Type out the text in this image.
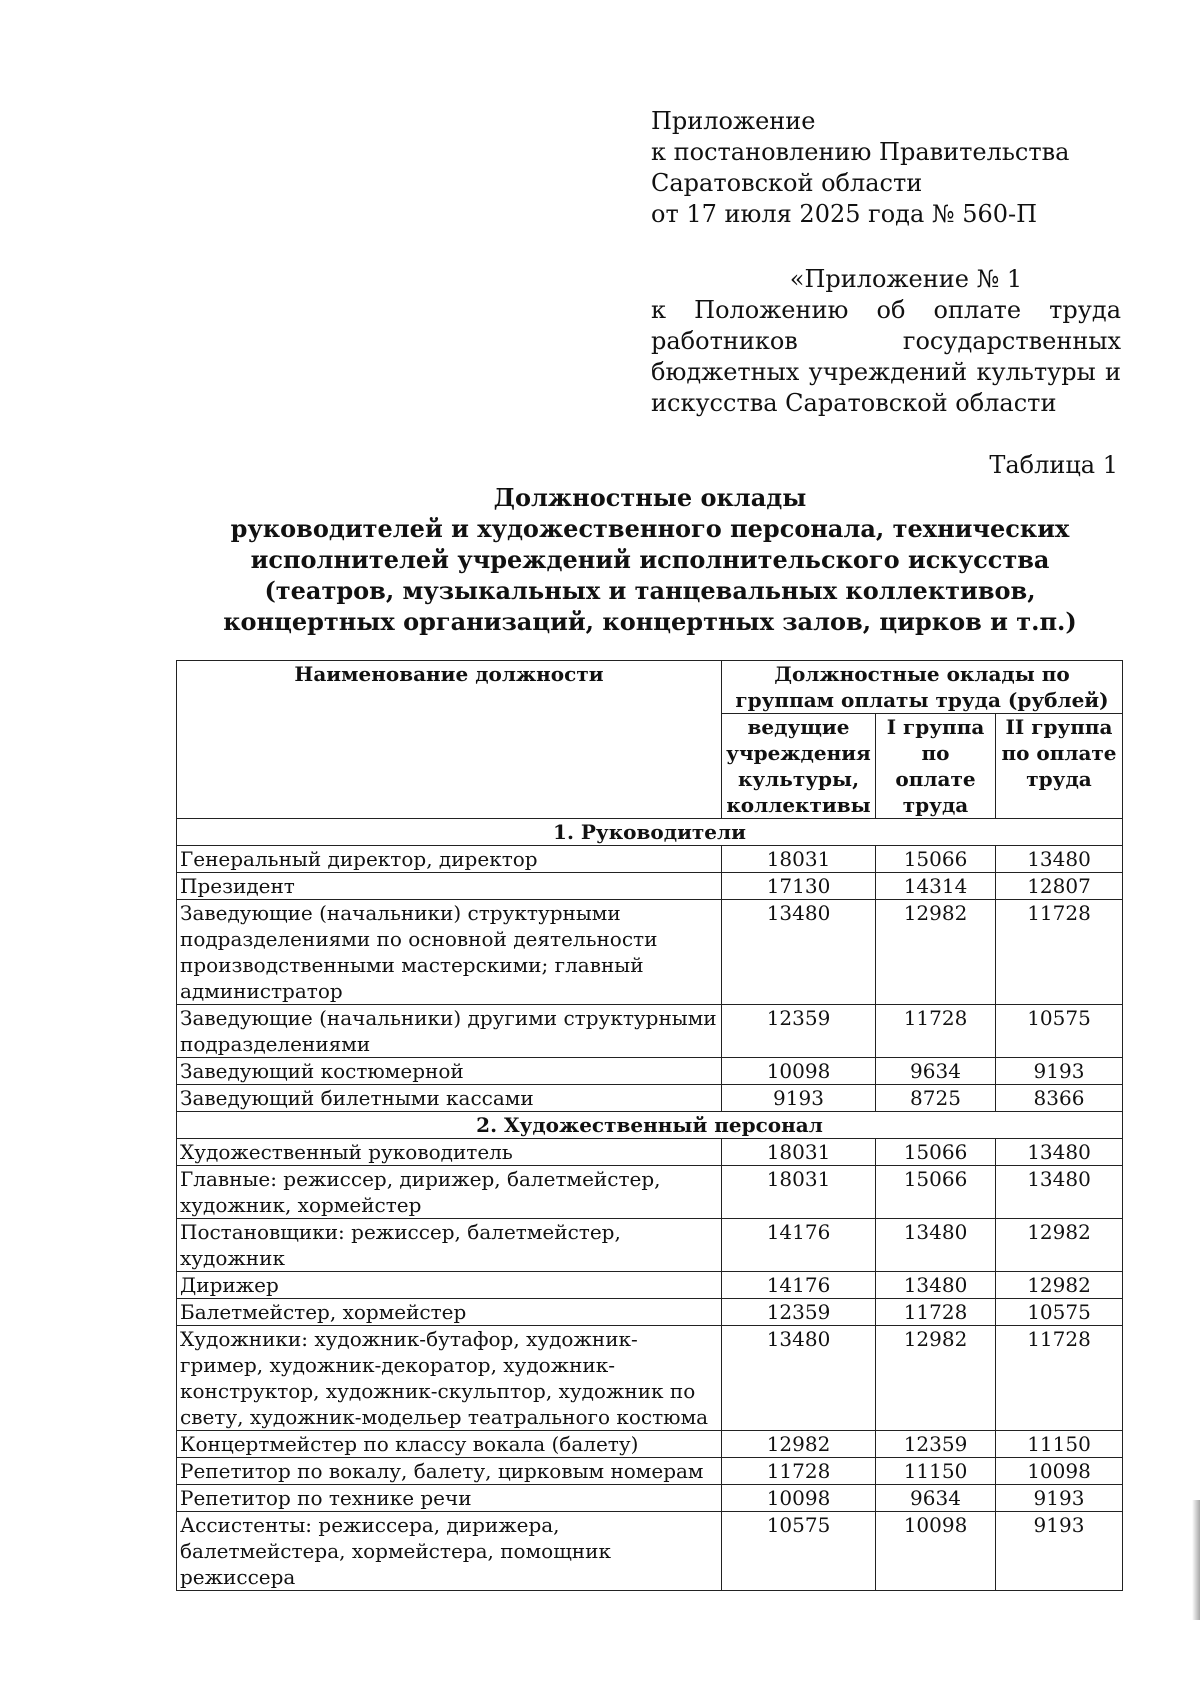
Приложение
к постановлению Правительства
Саратовской области
от 17 июля 2025 года № 560-П
«Приложение № 1
к Положению об оплате труда работников государственных бюджетных учреждений культуры и искусства Саратовской области
Таблица 1
Должностные оклады
руководителей и художественного персонала, технических
исполнителей учреждений исполнительского искусства
(театров, музыкальных и танцевальных коллективов,
концертных организаций, концертных залов, цирков и т.п.)
Наименование должности	Должностные оклады по группам оплаты труда (рублей)		
	ведущие учреждения культуры, коллективы	I группа по оплате труда	II группа по оплате труда
1. Руководители			
Генеральный директор, директор	18031	15066	13480
Президент	17130	14314	12807
Заведующие (начальники) структурными подразделениями по основной деятельности производственными мастерскими; главный администратор	13480	12982	11728
Заведующие (начальники) другими структурными подразделениями	12359	11728	10575
Заведующий костюмерной	10098	9634	9193
Заведующий билетными кассами	9193	8725	8366
2. Художественный персонал			
Художественный руководитель	18031	15066	13480
Главные: режиссер, дирижер, балетмейстер, художник, хормейстер	18031	15066	13480
Постановщики: режиссер, балетмейстер, художник	14176	13480	12982
Дирижер	14176	13480	12982
Балетмейстер, хормейстер	12359	11728	10575
Художники: художник-бутафор, художник-гример, художник-декоратор, художник-конструктор, художник-скульптор, художник по свету, художник-модельер театрального костюма	13480	12982	11728
Концертмейстер по классу вокала (балету)	12982	12359	11150
Репетитор по вокалу, балету, цирковым номерам	11728	11150	10098
Репетитор по технике речи	10098	9634	9193
Ассистенты: режиссера, дирижера, балетмейстера, хормейстера, помощник режиссера	10575	10098	9193
